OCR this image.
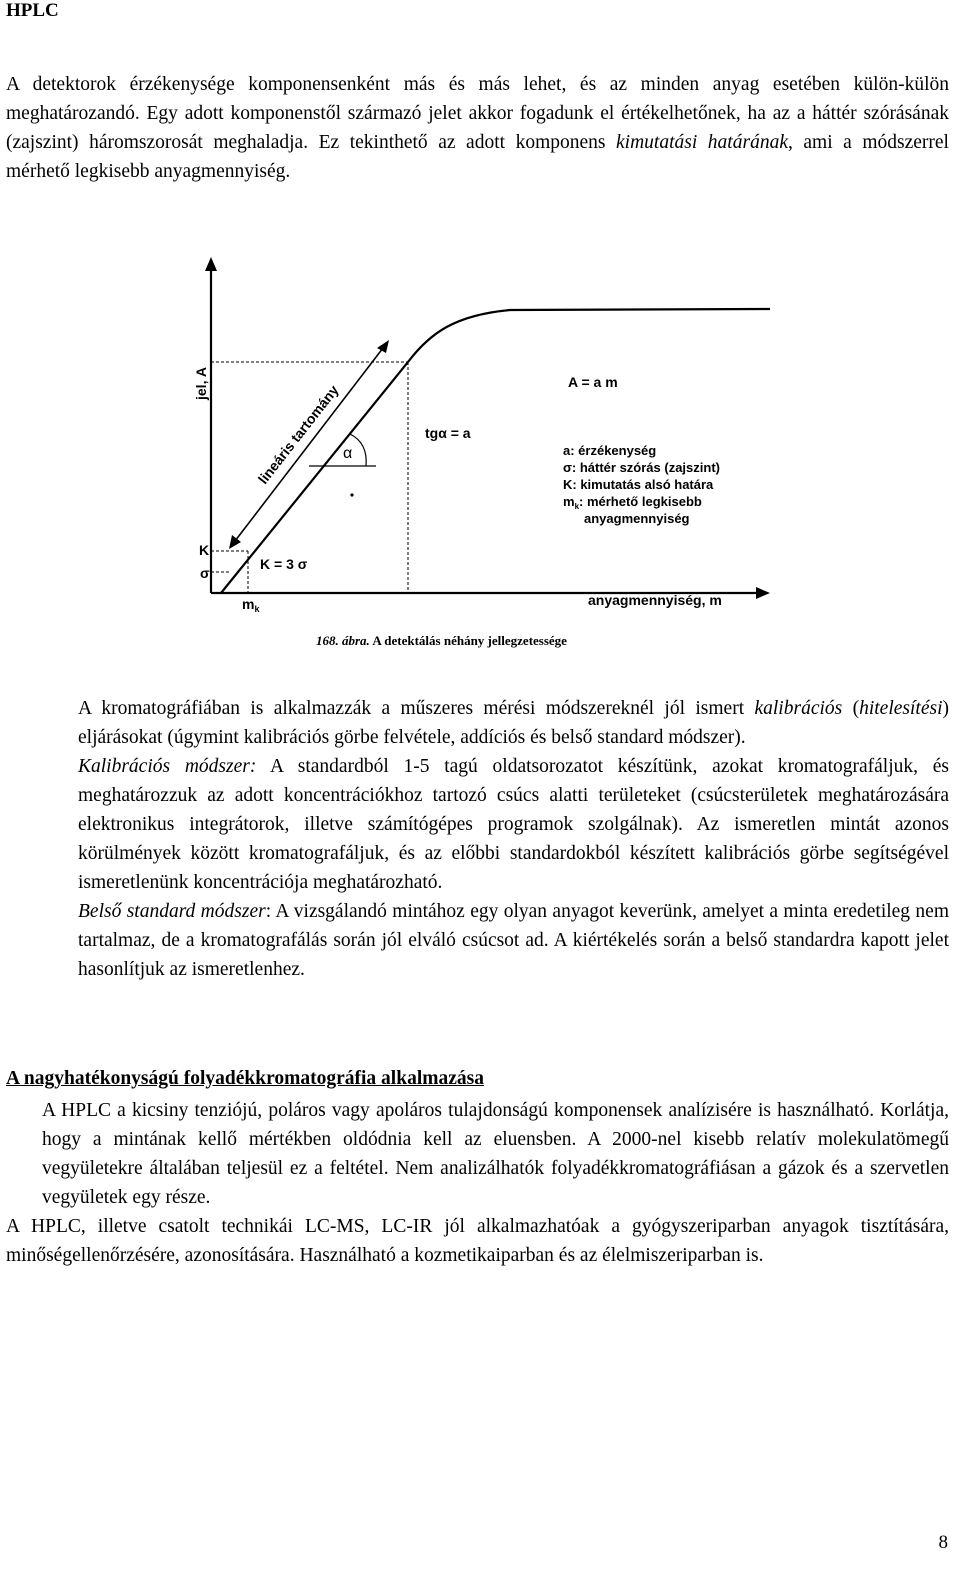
HPLC

A detektorok érzékenysége komponensenként más és más lehet, és az minden anyag esetében külön-külön meghatározandó. Egy adott komponenstől származó jelet akkor fogadunk el értékelhetőnek, ha az a háttér szórásának (zajszint) háromszorosát meghaladja. Ez tekinthető az adott komponens kimutatási határának, ami a módszerrel mérhető legkisebb anyagmennyiség.

jel, A	lineáris tartomány α
tgα = a
A = a m
K
σ
K = 3 σ
$m_k$
anyagmennyiség, m
a: érzékenység
σ: háttér szórás (zajszint)
K: kimutatás alsó határa
$m_k$: mérhető legkisebb
anyagmennyiség
168. ábra. A detektálás néhány jellegzetessége
A kromatográfiában is alkalmazzák a műszeres mérési módszereknél jól ismert kalibrációs (hitelesítési) eljárásokat (úgymint kalibrációs görbe felvétele, addíciós és belső standard módszer).
Kalibrációs módszer: A standardból 1-5 tagú oldatsorozatot készítünk, azokat kromatografáljuk, és meghatározzuk az adott koncentrációkhoz tartozó csúcs alatti területeket (csúcsterületek meghatározására elektronikus integrátorok, illetve számítógépes programok szolgálnak). Az ismeretlen mintát azonos körülmények között kromatografáljuk, és az előbbi standardokból készített kalibrációs görbe segítségével ismeretlenünk koncentrációja meghatározható.
Belső standard módszer: A vizsgálandó mintához egy olyan anyagot keverünk, amelyet a minta eredetileg nem tartalmaz, de a kromatografálás során jól elváló csúcsot ad. A kiértékelés során a belső standardra kapott jelet hasonlítjuk az ismeretlenhez.
A nagyhatékonyságú folyadékkromatográfia alkalmazása
A HPLC a kicsiny tenziójú, poláros vagy apoláros tulajdonságú komponensek analízisére is használható. Korlátja, hogy a mintának kellő mértékben oldódnia kell az eluensben. A 2000-nel kisebb relatív molekulatömegű vegyületekre általában teljesül ez a feltétel. Nem analizálhatók folyadékkromatográfiásan a gázok és a szervetlen vegyületek egy része.
A HPLC, illetve csatolt technikái LC-MS, LC-IR jól alkalmazhatóak a gyógyszeriparban anyagok tisztítására, minőségellenőrzésére, azonosítására. Használható a kozmetikaiparban és az élelmiszeriparban is.
8
